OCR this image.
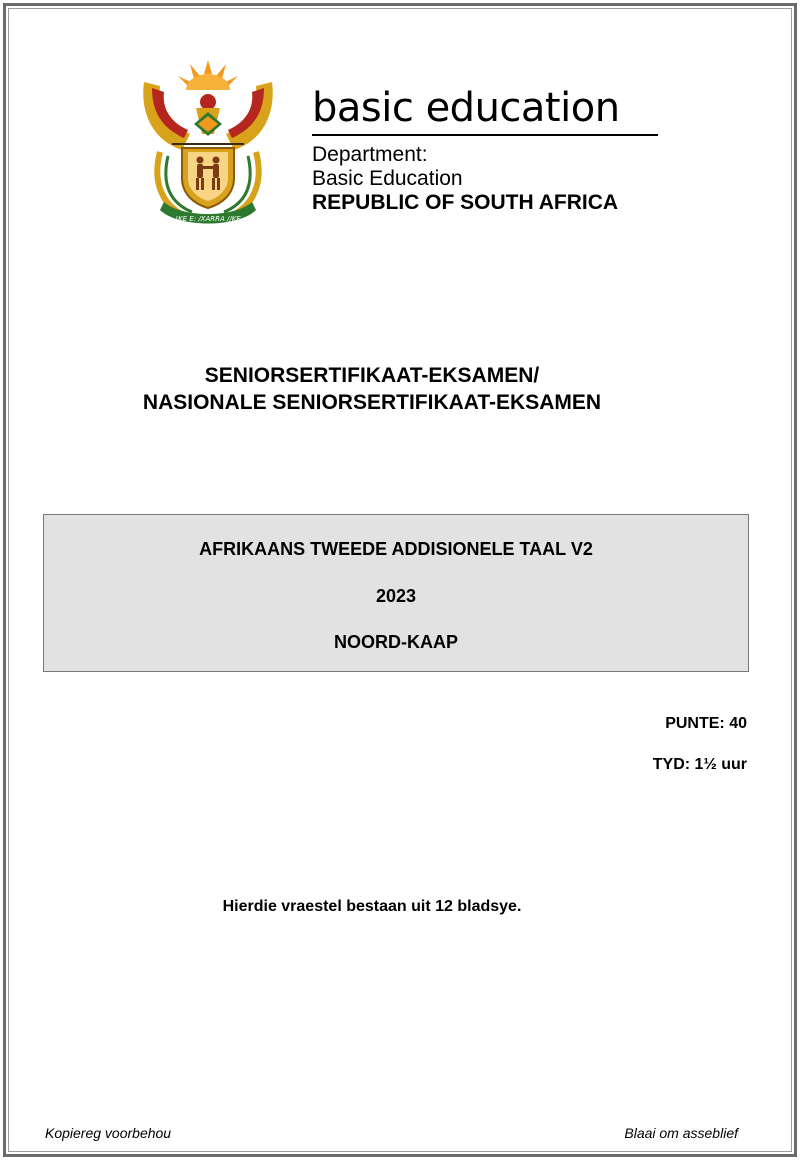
!KE E: /XARRA //KE

basic education

Department:

Basic Education

REPUBLIC OF SOUTH AFRICA

SENIORSERTIFIKAAT-EKSAMEN/
NASIONALE SENIORSERTIFIKAAT-EKSAMEN
AFRIKAANS TWEEDE ADDISIONELE TAAL V2
2023
NOORD-KAAP
PUNTE: 40
TYD: 1½ uur
Hierdie vraestel bestaan uit 12 bladsye.
Kopiereg voorbehou	Blaai om asseblief
